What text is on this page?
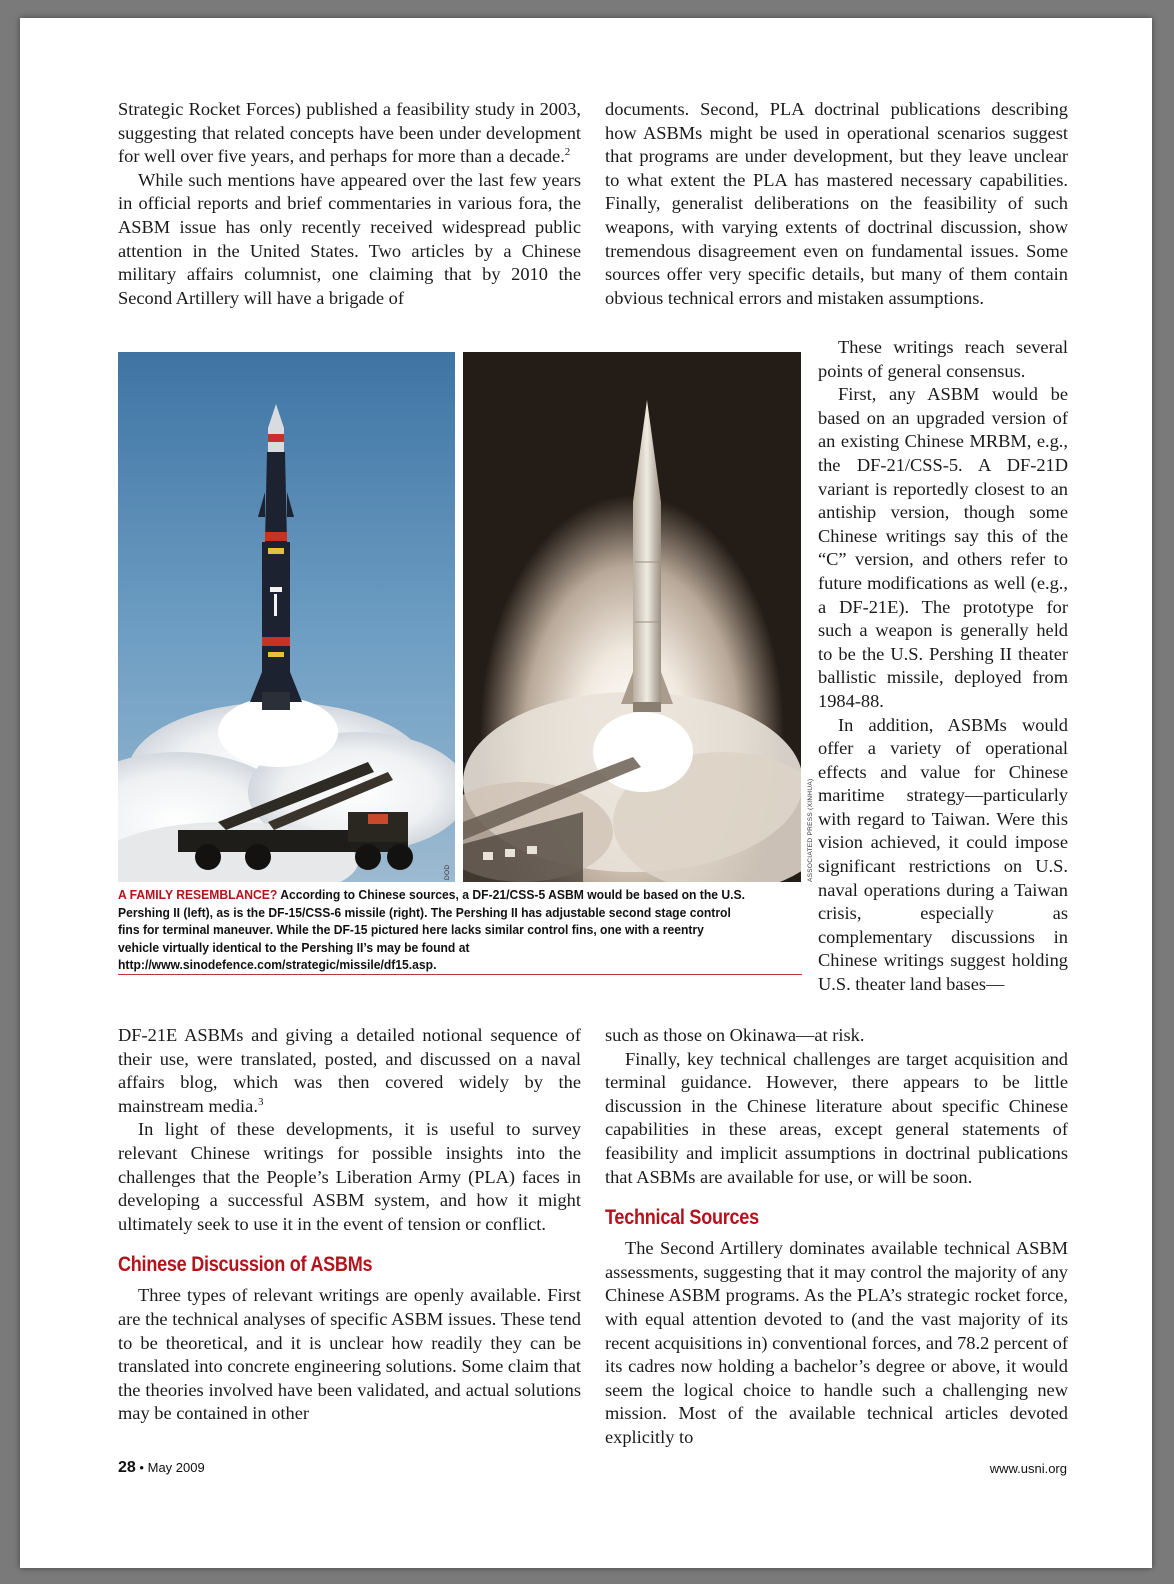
Strategic Rocket Forces) published a feasibility study in 2003, suggesting that related concepts have been under development for well over five years, and perhaps for more than a decade.$^2$

While such mentions have appeared over the last few years in official reports and brief commentaries in various fora, the ASBM issue has only recently received widespread public attention in the United States. Two articles by a Chinese military affairs columnist, one claiming that by 2010 the Second Artillery will have a brigade of

documents. Second, PLA doctrinal publications describing how ASBMs might be used in operational scenarios suggest that programs are under development, but they leave unclear to what extent the PLA has mastered necessary capabilities. Finally, generalist deliberations on the feasibility of such weapons, with varying extents of doctrinal discussion, show tremendous disagreement even on fundamental issues. Some sources offer very specific details, but many of them contain obvious technical errors and mistaken assumptions.

These writings reach several points of general consensus.

First, any ASBM would be based on an upgraded version of an existing Chinese MRBM, e.g., the DF-21/CSS-5. A DF-21D variant is reportedly closest to an antiship version, though some Chinese writings say this of the “C” version, and others refer to future modifications as well (e.g., a DF-21E). The prototype for such a weapon is generally held to be the U.S. Pershing II theater ballistic missile, deployed from 1984-88.

In addition, ASBMs would offer a variety of operational effects and value for Chinese maritime strategy—particularly with regard to Taiwan. Were this vision achieved, it could impose significant restrictions on U.S. naval operations during a Taiwan crisis, especially as complementary discussions in Chinese writings suggest holding U.S. theater land bases—

DOD	ASSOCIATED PRESS (XINHUA)
A FAMILY RESEMBLANCE? According to Chinese sources, a DF-21/CSS-5 ASBM would be based on the U.S. Pershing II (left), as is the DF-15/CSS-6 missile (right). The Pershing II has adjustable second stage control fins for terminal maneuver. While the DF-15 pictured here lacks similar control fins, one with a reentry vehicle virtually identical to the Pershing II’s may be found at http://www.sinodefence.com/strategic/missile/df15.asp.

DF-21E ASBMs and giving a detailed notional sequence of their use, were translated, posted, and discussed on a naval affairs blog, which was then covered widely by the mainstream media.$^3$

In light of these developments, it is useful to survey relevant Chinese writings for possible insights into the challenges that the People’s Liberation Army (PLA) faces in developing a successful ASBM system, and how it might ultimately seek to use it in the event of tension or conflict.

Chinese Discussion of ASBMs

Three types of relevant writings are openly available. First are the technical analyses of specific ASBM issues. These tend to be theoretical, and it is unclear how readily they can be translated into concrete engineering solutions. Some claim that the theories involved have been validated, and actual solutions may be contained in other

such as those on Okinawa—at risk.

Finally, key technical challenges are target acquisition and terminal guidance. However, there appears to be little discussion in the Chinese literature about specific Chinese capabilities in these areas, except general statements of feasibility and implicit assumptions in doctrinal publications that ASBMs are available for use, or will be soon.

Technical Sources

The Second Artillery dominates available technical ASBM assessments, suggesting that it may control the majority of any Chinese ASBM programs. As the PLA’s strategic rocket force, with equal attention devoted to (and the vast majority of its recent acquisitions in) conventional forces, and 78.2 percent of its cadres now holding a bachelor’s degree or above, it would seem the logical choice to handle such a challenging new mission. Most of the available technical articles devoted explicitly to

28 • May 2009	www.usni.org
